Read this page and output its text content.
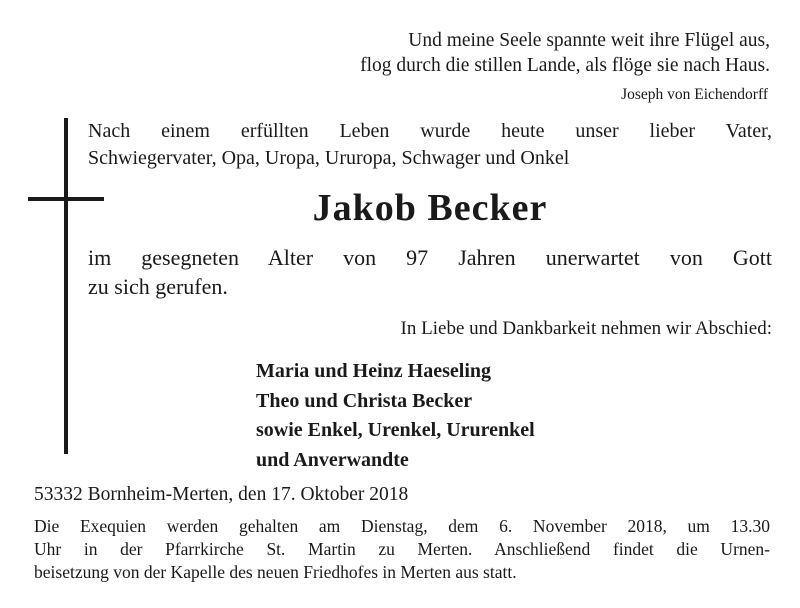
Und meine Seele spannte weit ihre Flügel aus,
flog durch die stillen Lande, als flöge sie nach Haus.
Joseph von Eichendorff
Nach einem erfüllten Leben wurde heute unser lieber Vater,
Schwiegervater, Opa, Uropa, Ururopa, Schwager und Onkel
Jakob Becker
im gesegneten Alter von 97 Jahren unerwartet von Gott
zu sich gerufen.
In Liebe und Dankbarkeit nehmen wir Abschied:
Maria und Heinz Haeseling
Theo und Christa Becker
sowie Enkel, Urenkel, Ururenkel
und Anverwandte
53332 Bornheim-Merten, den 17. Oktober 2018
Die Exequien werden gehalten am Dienstag, dem 6. November 2018, um 13.30
Uhr in der Pfarrkirche St. Martin zu Merten. Anschließend findet die Urnen-
beisetzung von der Kapelle des neuen Friedhofes in Merten aus statt.
